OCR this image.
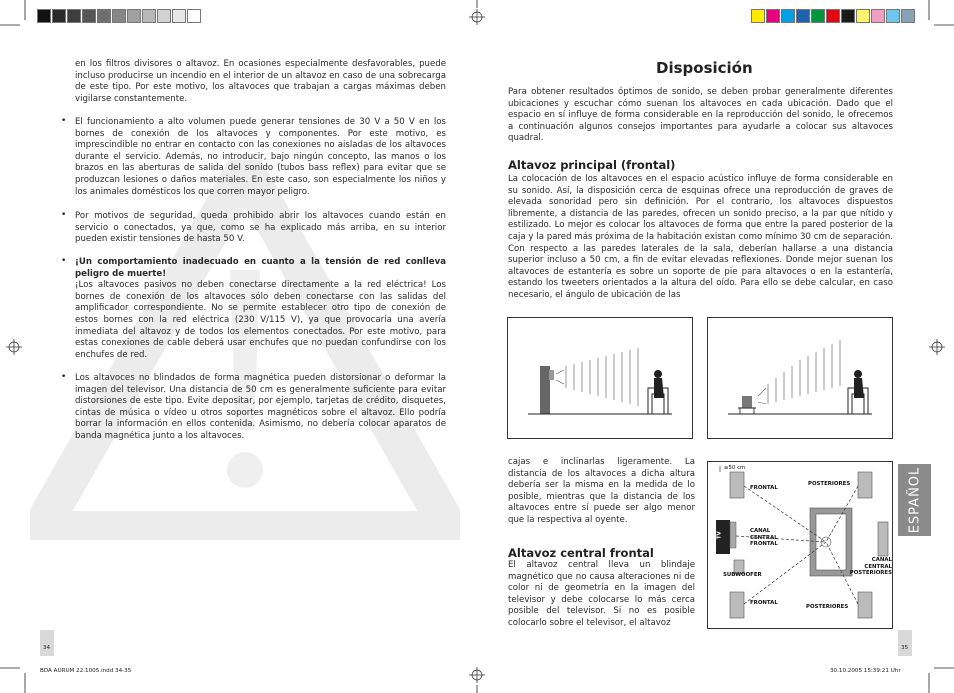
en los filtros divisores o altavoz. En ocasiones especialmente desfavorables, puede incluso producirse un incendio en el interior de un altavoz en caso de una sobrecarga de este tipo. Por este motivo, los altavoces que trabajan a cargas máximas deben vigilarse constantemente.
• El funcionamiento a alto volumen puede generar tensiones de 30 V a 50 V en los bornes de conexión de los altavoces y componentes. Por este motivo, es imprescindible no entrar en contacto con las conexiones no aisladas de los altavoces durante el servicio. Además, no introducir, bajo ningún concepto, las manos o los brazos en las aberturas de salida del sonido (tubos bass reflex) para evitar que se produzcan lesiones o daños materiales. En este caso, son especialmente los niños y los animales domésticos los que corren mayor peligro.
• Por motivos de seguridad, queda prohibido abrir los altavoces cuando están en servicio o conectados, ya que, como se ha explicado más arriba, en su interior pueden existir tensiones de hasta 50 V.
• ¡Un comportamiento inadecuado en cuanto a la tensión de red conlleva peligro de muerte!
¡Los altavoces pasivos no deben conectarse directamente a la red eléctrica! Los bornes de conexión de los altavoces sólo deben conectarse con las salidas del amplificador correspondiente. No se permite establecer otro tipo de conexión de estos bornes con la red eléctrica (230 V/115 V), ya que provocaría una avería inmediata del altavoz y de todos los elementos conectados. Por este motivo, para estas conexiones de cable deberá usar enchufes que no puedan confundirse con los enchufes de red.
• Los altavoces no blindados de forma magnética pueden distorsionar o deformar la imagen del televisor. Una distancia de 50 cm es generalmente suficiente para evitar distorsiones de este tipo. Evite depositar, por ejemplo, tarjetas de crédito, disquetes, cintas de música o vídeo u otros soportes magnéticos sobre el altavoz. Ello podría borrar la información en ellos contenida. Asimismo, no debería colocar aparatos de banda magnética junto a los altavoces.
34
BDA AURUM 22.1005.indd 34-35
Disposición
Para obtener resultados óptimos de sonido, se deben probar generalmente diferentes ubicaciones y escuchar cómo suenan los altavoces en cada ubicación. Dado que el espacio en sí influye de forma considerable en la reproducción del sonido, le ofrecemos a continuación algunos consejos importantes para ayudarle a colocar sus altavoces quadral.
Altavoz principal (frontal)
La colocación de los altavoces en el espacio acústico influye de forma considerable en su sonido. Así, la disposición cerca de esquinas ofrece una reproducción de graves de elevada sonoridad pero sin definición. Por el contrario, los altavoces dispuestos libremente, a distancia de las paredes, ofrecen un sonido preciso, a la par que nítido y estilizado. Lo mejor es colocar los altavoces de forma que entre la pared posterior de la caja y la pared más próxima de la habitación existan como mínimo 30 cm de separación. Con respecto a las paredes laterales de la sala, deberían hallarse a una distancia superior incluso a 50 cm, a fin de evitar elevadas reflexiones. Donde mejor suenan los altavoces de estantería es sobre un soporte de pie para altavoces o en la estantería, estando los tweeters orientados a la altura del oído. Para ello se debe calcular, en caso necesario, el ángulo de ubicación de las
cajas e inclinarlas ligeramente. La distancia de los altavoces a dicha altura debería ser la misma en la medida de lo posible, mientras que la distancia de los altavoces entre sí puede ser algo menor que la respectiva al oyente.
Altavoz central frontal
El altavoz central lleva un blindaje magnético que no causa alteraciones ni de color ni de geometría en la imagen del televisor y debe colocarse lo más cerca posible del televisor. Si no es posible colocarlo sobre el televisor, el altavoz
≥50 cm
FRONTAL
POSTERIORES
TV
CANAL CENTRAL FRONTAL
CANAL CENTRAL POSTERIORES
SUBWOOFER
FRONTAL
POSTERIORES
ESPAÑOL
35
30.10.2005 15:39:21 Uhr
